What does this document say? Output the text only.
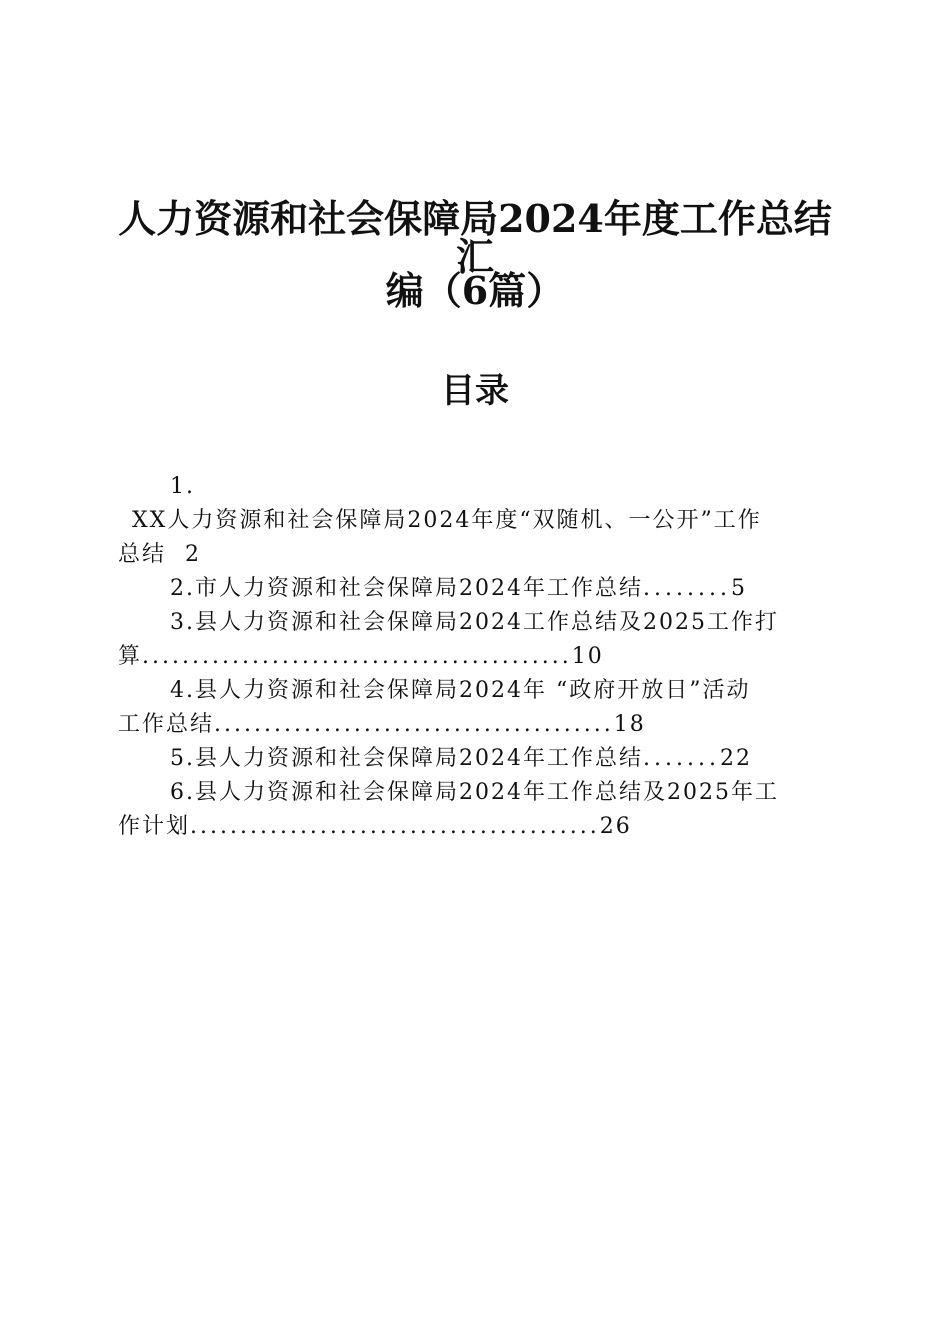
人力资源和社会保障局2024年度工作总结汇
编（6篇）
目录
1.
XX人力资源和社会保障局2024年度“双随机、一公开”工作
总结 2
2.市人力资源和社会保障局2024年工作总结........5
3.县人力资源和社会保障局2024工作总结及2025工作打
算...........................................10
4.县人力资源和社会保障局2024年 “政府开放日”活动
工作总结........................................18
5.县人力资源和社会保障局2024年工作总结.......22
6.县人力资源和社会保障局2024年工作总结及2025年工
作计划.........................................26
